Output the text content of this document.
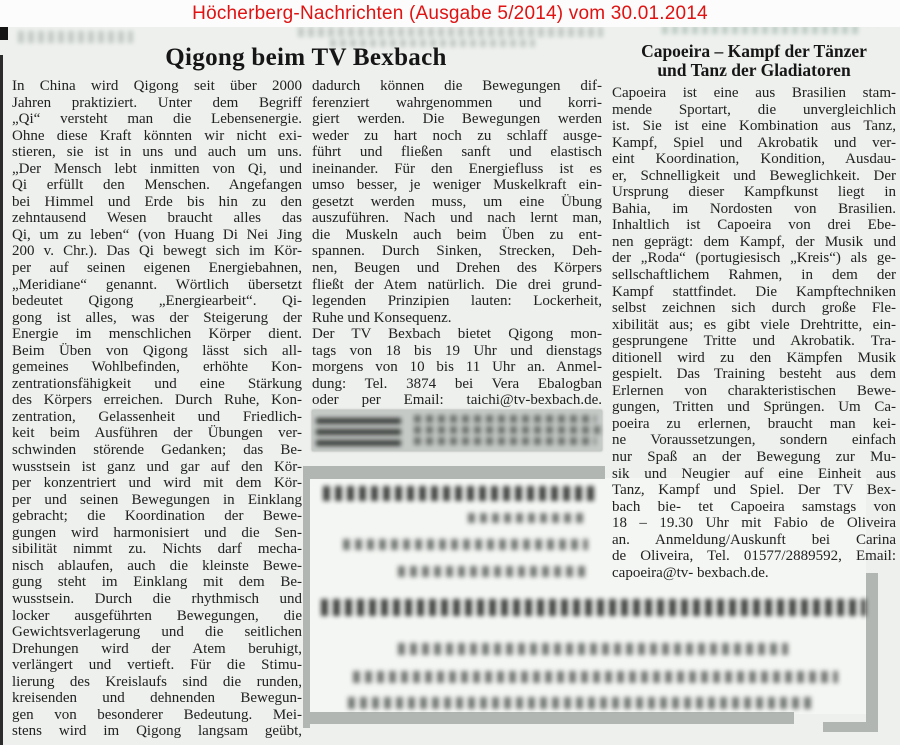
Höcherberg-Nachrichten (Ausgabe 5/2014) vom 30.01.2014
Qigong beim TV Bexbach
In China wird Qigong seit über 2000
Jahren praktiziert. Unter dem Begriff
„Qi“ versteht man die Lebensenergie.
Ohne diese Kraft könnten wir nicht exi-
stieren, sie ist in uns und auch um uns.
„Der Mensch lebt inmitten von Qi, und
Qi erfüllt den Menschen. Angefangen
bei Himmel und Erde bis hin zu den
zehntausend Wesen braucht alles das
Qi, um zu leben“ (von Huang Di Nei Jing
200 v. Chr.). Das Qi bewegt sich im Kör-
per auf seinen eigenen Energiebahnen,
„Meridiane“ genannt. Wörtlich übersetzt
bedeutet Qigong „Energiearbeit“. Qi-
gong ist alles, was der Steigerung der
Energie im menschlichen Körper dient.
Beim Üben von Qigong lässt sich all-
gemeines Wohlbefinden, erhöhte Kon-
zentrationsfähigkeit und eine Stärkung
des Körpers erreichen. Durch Ruhe, Kon-
zentration, Gelassenheit und Friedlich-
keit beim Ausführen der Übungen ver-
schwinden störende Gedanken; das Be-
wusstsein ist ganz und gar auf den Kör-
per konzentriert und wird mit dem Kör-
per und seinen Bewegungen in Einklang
gebracht; die Koordination der Bewe-
gungen wird harmonisiert und die Sen-
sibilität nimmt zu. Nichts darf mecha-
nisch ablaufen, auch die kleinste Bewe-
gung steht im Einklang mit dem Be-
wusstsein. Durch die rhythmisch und
locker ausgeführten Bewegungen, die
Gewichtsverlagerung und die seitlichen
Drehungen wird der Atem beruhigt,
verlängert und vertieft. Für die Stimu-
lierung des Kreislaufs sind die runden,
kreisenden und dehnenden Bewegun-
gen von besonderer Bedeutung. Mei-
stens wird im Qigong langsam geübt,
dadurch können die Bewegungen dif-
ferenziert wahrgenommen und korri-
giert werden. Die Bewegungen werden
weder zu hart noch zu schlaff ausge-
führt und fließen sanft und elastisch
ineinander. Für den Energiefluss ist es
umso besser, je weniger Muskelkraft ein-
gesetzt werden muss, um eine Übung
auszuführen. Nach und nach lernt man,
die Muskeln auch beim Üben zu ent-
spannen. Durch Sinken, Strecken, Deh-
nen, Beugen und Drehen des Körpers
fließt der Atem natürlich. Die drei grund-
legenden Prinzipien lauten: Lockerheit,
Ruhe und Konsequenz.
Der TV Bexbach bietet Qigong mon-
tags von 18 bis 19 Uhr und dienstags
morgens von 10 bis 11 Uhr an. Anmel-
dung: Tel. 3874 bei Vera Ebalogban
oder per Email: taichi@tv-bexbach.de.
Capoeira – Kampf der Tänzer
und Tanz der Gladiatoren
Capoeira ist eine aus Brasilien stam-
mende Sportart, die unvergleichlich
ist. Sie ist eine Kombination aus Tanz,
Kampf, Spiel und Akrobatik und ver-
eint Koordination, Kondition, Ausdau-
er, Schnelligkeit und Beweglichkeit. Der
Ursprung dieser Kampfkunst liegt in
Bahia, im Nordosten von Brasilien.
Inhaltlich ist Capoeira von drei Ebe-
nen geprägt: dem Kampf, der Musik und
der „Roda“ (portugiesisch „Kreis“) als ge-
sellschaftlichem Rahmen, in dem der
Kampf stattfindet. Die Kampftechniken
selbst zeichnen sich durch große Fle-
xibilität aus; es gibt viele Drehtritte, ein-
gesprungene Tritte und Akrobatik. Tra-
ditionell wird zu den Kämpfen Musik
gespielt. Das Training besteht aus dem
Erlernen von charakteristischen Bewe-
gungen, Tritten und Sprüngen. Um Ca-
poeira zu erlernen, braucht man kei-
ne Voraussetzungen, sondern einfach
nur Spaß an der Bewegung zur Mu-
sik und Neugier auf eine Einheit aus
Tanz, Kampf und Spiel. Der TV Bex-
bach bie- tet Capoeira samstags von
18 – 19.30 Uhr mit Fabio de Oliveira
an. Anmeldung/Auskunft bei Carina
de Oliveira, Tel. 01577/2889592, Email:
capoeira@tv- bexbach.de.
